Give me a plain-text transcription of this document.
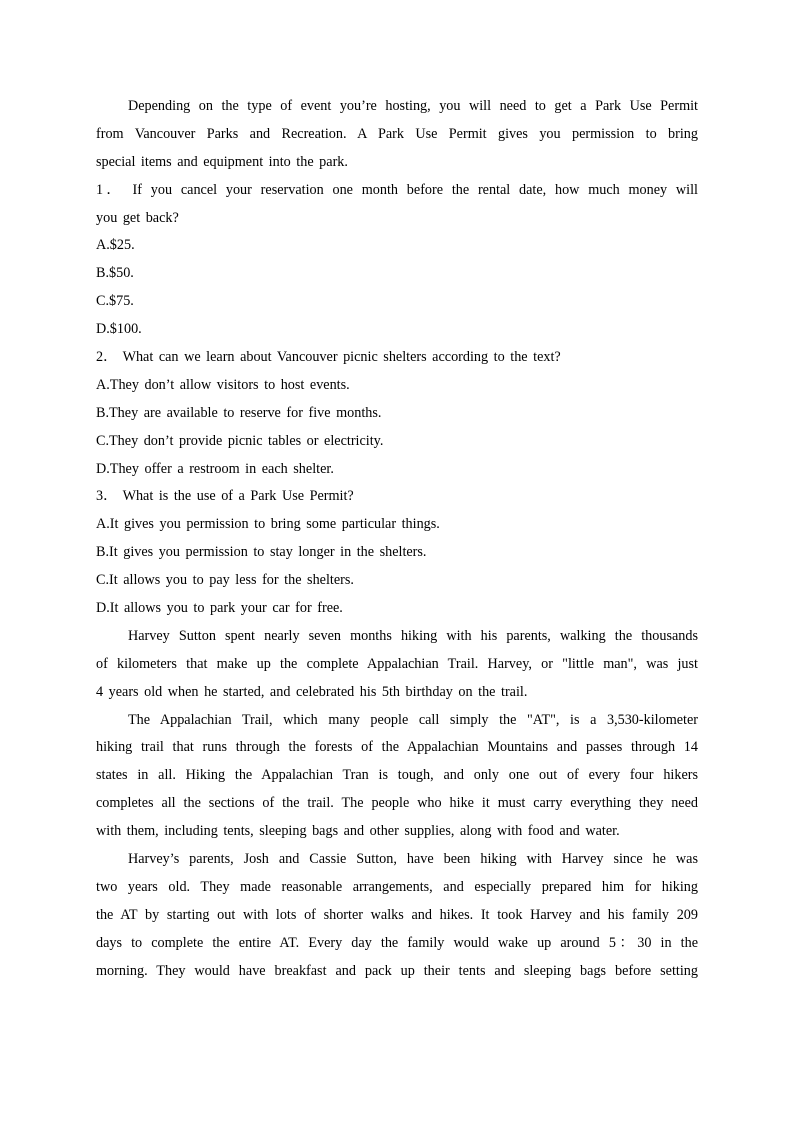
Depending on the type of event you’re hosting, you will need to get a Park Use Permit
from Vancouver Parks and Recreation. A Park Use Permit gives you permission to bring
special items and equipment into the park.
1． If you cancel your reservation one month before the rental date, how much money will
you get back?
A.$25.
B.$50.
C.$75.
D.$100.
2． What can we learn about Vancouver picnic shelters according to the text?
A.They don’t allow visitors to host events.
B.They are available to reserve for five months.
C.They don’t provide picnic tables or electricity.
D.They offer a restroom in each shelter.
3． What is the use of a Park Use Permit?
A.It gives you permission to bring some particular things.
B.It gives you permission to stay longer in the shelters.
C.It allows you to pay less for the shelters.
D.It allows you to park your car for free.
Harvey Sutton spent nearly seven months hiking with his parents, walking the thousands
of kilometers that make up the complete Appalachian Trail. Harvey, or "little man", was just
4 years old when he started, and celebrated his 5th birthday on the trail.
The Appalachian Trail, which many people call simply the "AT", is a 3,530-kilometer
hiking trail that runs through the forests of the Appalachian Mountains and passes through 14
states in all. Hiking the Appalachian Tran is tough, and only one out of every four hikers
completes all the sections of the trail. The people who hike it must carry everything they need
with them, including tents, sleeping bags and other supplies, along with food and water.
Harvey’s parents, Josh and Cassie Sutton, have been hiking with Harvey since he was
two years old. They made reasonable arrangements, and especially prepared him for hiking
the AT by starting out with lots of shorter walks and hikes. It took Harvey and his family 209
days to complete the entire AT. Every day the family would wake up around 5：30 in the
morning. They would have breakfast and pack up their tents and sleeping bags before setting
